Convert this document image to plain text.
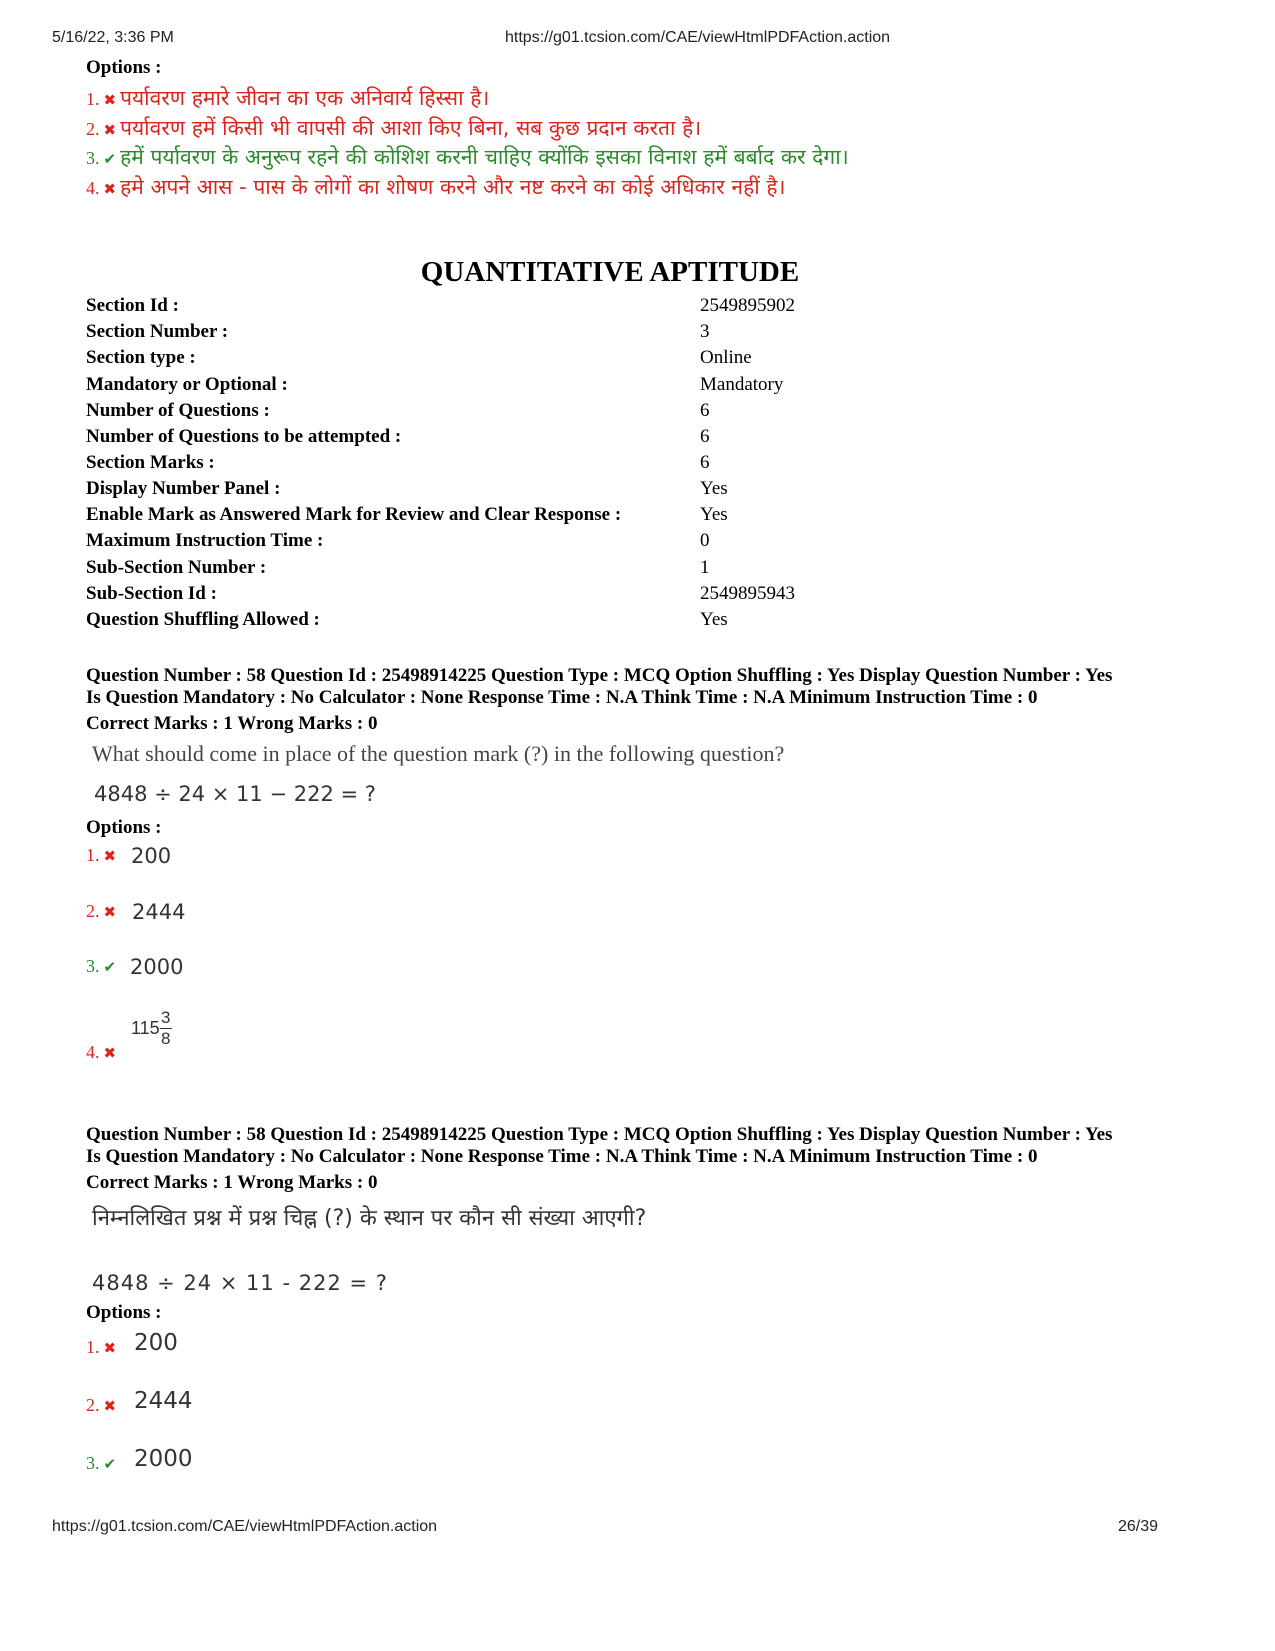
5/16/22, 3:36 PM	https://g01.tcsion.com/CAE/viewHtmlPDFAction.action
Options :
1. ✖ पर्यावरण हमारे जीवन का एक अनिवार्य हिस्सा है।
2. ✖ पर्यावरण हमें किसी भी वापसी की आशा किए बिना, सब कुछ प्रदान करता है।
3. ✔ हमें पर्यावरण के अनुरूप रहने की कोशिश करनी चाहिए क्योंकि इसका विनाश हमें बर्बाद कर देगा।
4. ✖ हमे अपने आस - पास के लोगों का शोषण करने और नष्ट करने का कोई अधिकार नहीं है।
QUANTITATIVE APTITUDE
Section Id :	2549895902
Section Number :	3
Section type :	Online
Mandatory or Optional :	Mandatory
Number of Questions :	6
Number of Questions to be attempted :	6
Section Marks :	6
Display Number Panel :	Yes
Enable Mark as Answered Mark for Review and Clear Response :	Yes
Maximum Instruction Time :	0
Sub-Section Number :	1
Sub-Section Id :	2549895943
Question Shuffling Allowed :	Yes
Question Number : 58 Question Id : 25498914225 Question Type : MCQ Option Shuffling : Yes Display Question Number : Yes
Is Question Mandatory : No Calculator : None Response Time : N.A Think Time : N.A Minimum Instruction Time : 0
Correct Marks : 1 Wrong Marks : 0
What should come in place of the question mark (?) in the following question?
4848 ÷ 24 × 11 − 222 = ?
Options :
1. ✖ 200
2. ✖ 2444
3. ✔ 2000
4. ✖
$115 \frac{3}{8}$
Question Number : 58 Question Id : 25498914225 Question Type : MCQ Option Shuffling : Yes Display Question Number : Yes
Is Question Mandatory : No Calculator : None Response Time : N.A Think Time : N.A Minimum Instruction Time : 0
Correct Marks : 1 Wrong Marks : 0
निम्नलिखित प्रश्न में प्रश्न चिह्न (?) के स्थान पर कौन सी संख्या आएगी?
4848 ÷ 24 × 11 - 222 = ?
Options :
1. ✖ 200
2. ✖ 2444
3. ✔ 2000
https://g01.tcsion.com/CAE/viewHtmlPDFAction.action	26/39
